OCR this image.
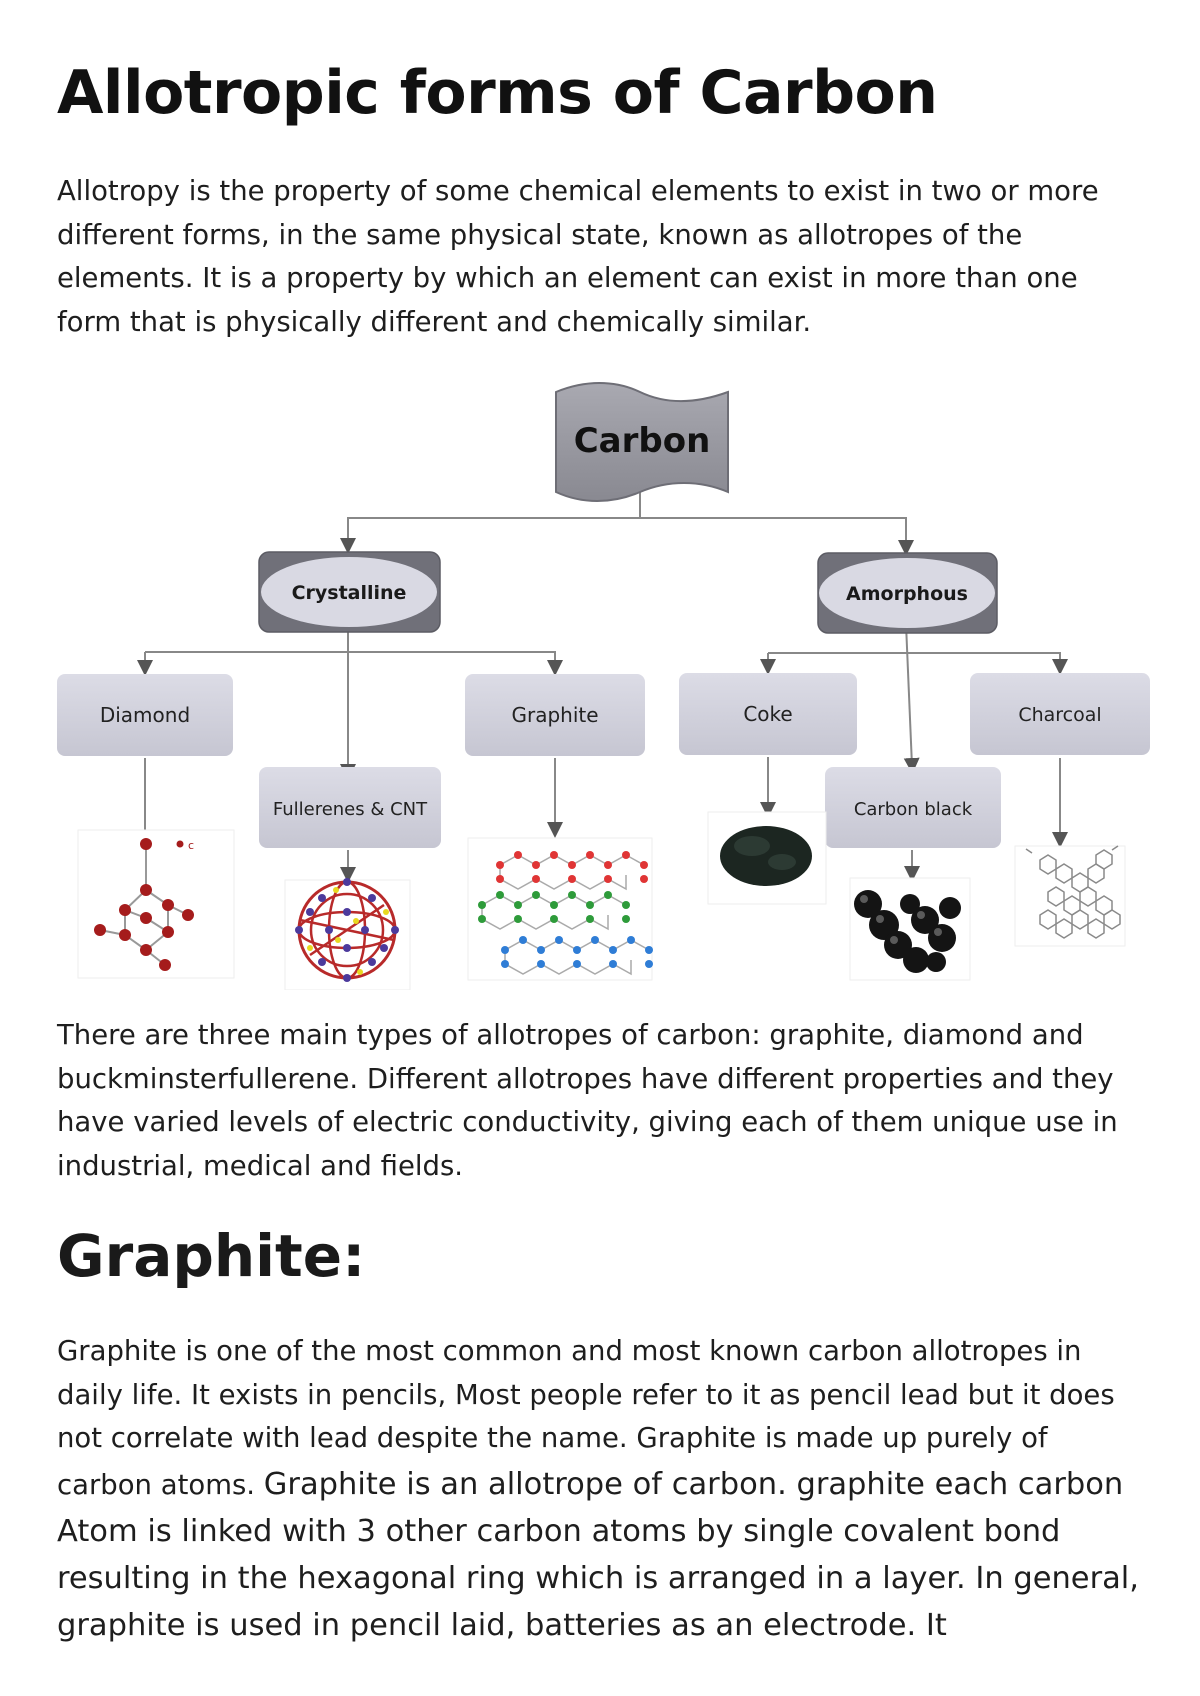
Allotropic forms of Carbon

Allotropy is the property of some chemical elements to exist in two or more different forms, in the same physical state, known as allotropes of the elements. It is a property by which an element can exist in more than one form that is physically different and chemically similar.

Carbon
Crystalline	Amorphous
Diamond	Graphite	Coke	Charcoal
Fullerenes & CNT	Carbon black
c

There are three main types of allotropes of carbon: graphite, diamond and buckminsterfullerene. Different allotropes have different properties and they have varied levels of electric conductivity, giving each of them unique use in industrial, medical and fields.

Graphite:

Graphite is one of the most common and most known carbon allotropes in daily life. It exists in pencils, Most people refer to it as pencil lead but it does not correlate with lead despite the name. Graphite is made up purely of carbon atoms. Graphite is an allotrope of carbon. graphite each carbon Atom is linked with 3 other carbon atoms by single covalent bond resulting in the hexagonal ring which is arranged in a layer. In general, graphite is used in pencil laid, batteries as an electrode. It
